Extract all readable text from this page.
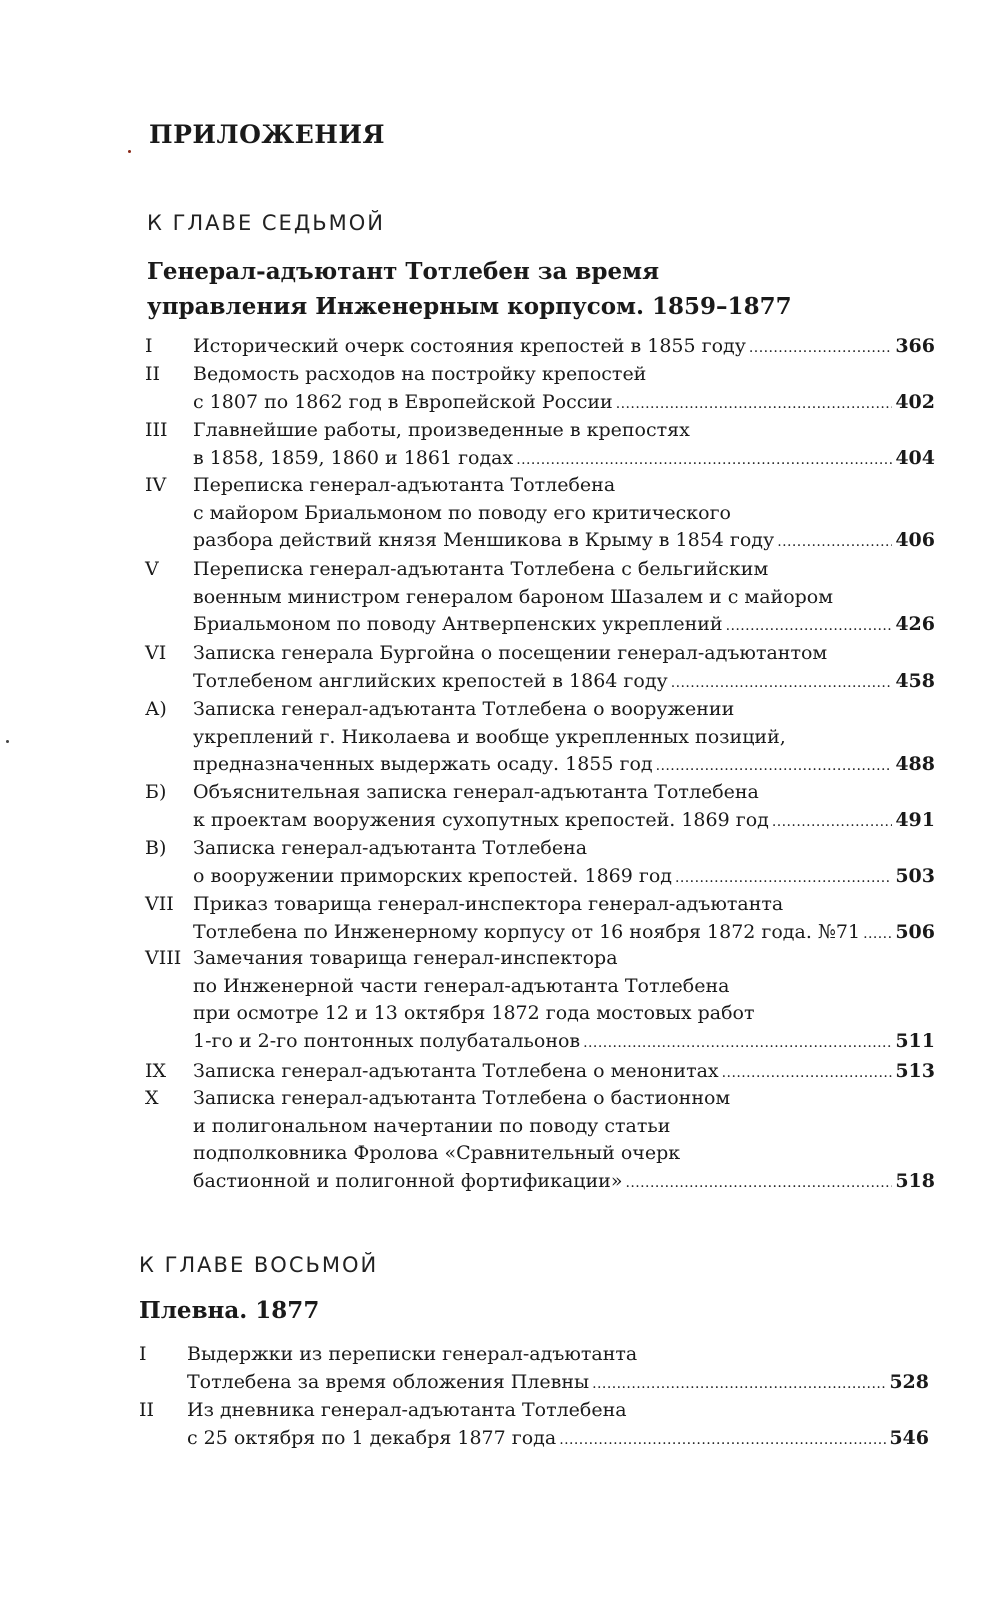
ПРИЛОЖЕНИЯ
К ГЛАВЕ СЕДЬМОЙ
Генерал-адъютант Тотлебен за время
управления Инженерным корпусом. 1859–1877
I Исторический очерк состояния крепостей в 1855 году . . .	366
II Ведомость расходов на постройку крепостей
с 1807 по 1862 год в Европейской России . . .	402
III Главнейшие работы, произведенные в крепостях
в 1858, 1859, 1860 и 1861 годах . . .	404
IV Переписка генерал-адъютанта Тотлебена
с майором Бриальмоном по поводу его критического
разбора действий князя Меншикова в Крыму в 1854 году . . .	406
V Переписка генерал-адъютанта Тотлебена с бельгийским
военным министром генералом бароном Шазалем и с майором
Бриальмоном по поводу Антверпенских укреплений . . .	426
VI Записка генерала Бургойна о посещении генерал-адъютантом
Тотлебеном английских крепостей в 1864 году . . .	458
А) Записка генерал-адъютанта Тотлебена о вооружении
укреплений г. Николаева и вообще укрепленных позиций,
предназначенных выдержать осаду. 1855 год . . .	488
Б) Объяснительная записка генерал-адъютанта Тотлебена
к проектам вооружения сухопутных крепостей. 1869 год . . .	491
В) Записка генерал-адъютанта Тотлебена
о вооружении приморских крепостей. 1869 год . . .	503
VII Приказ товарища генерал-инспектора генерал-адъютанта
Тотлебена по Инженерному корпусу от 16 ноября 1872 года. №71 . . . 506
VIII Замечания товарища генерал-инспектора
по Инженерной части генерал-адъютанта Тотлебена
при осмотре 12 и 13 октября 1872 года мостовых работ
1-го и 2-го понтонных полубатальонов . . .	511
IX Записка генерал-адъютанта Тотлебена о менонитах . . .	513
X Записка генерал-адъютанта Тотлебена о бастионном
и полигональном начертании по поводу статьи
подполковника Фролова «Сравнительный очерк
бастионной и полигонной фортификации» . . .	518
К ГЛАВЕ ВОСЬМОЙ
Плевна. 1877
I Выдержки из переписки генерал-адъютанта
Тотлебена за время обложения Плевны . . .	528
II Из дневника генерал-адъютанта Тотлебена
с 25 октября по 1 декабря 1877 года . . .	546
